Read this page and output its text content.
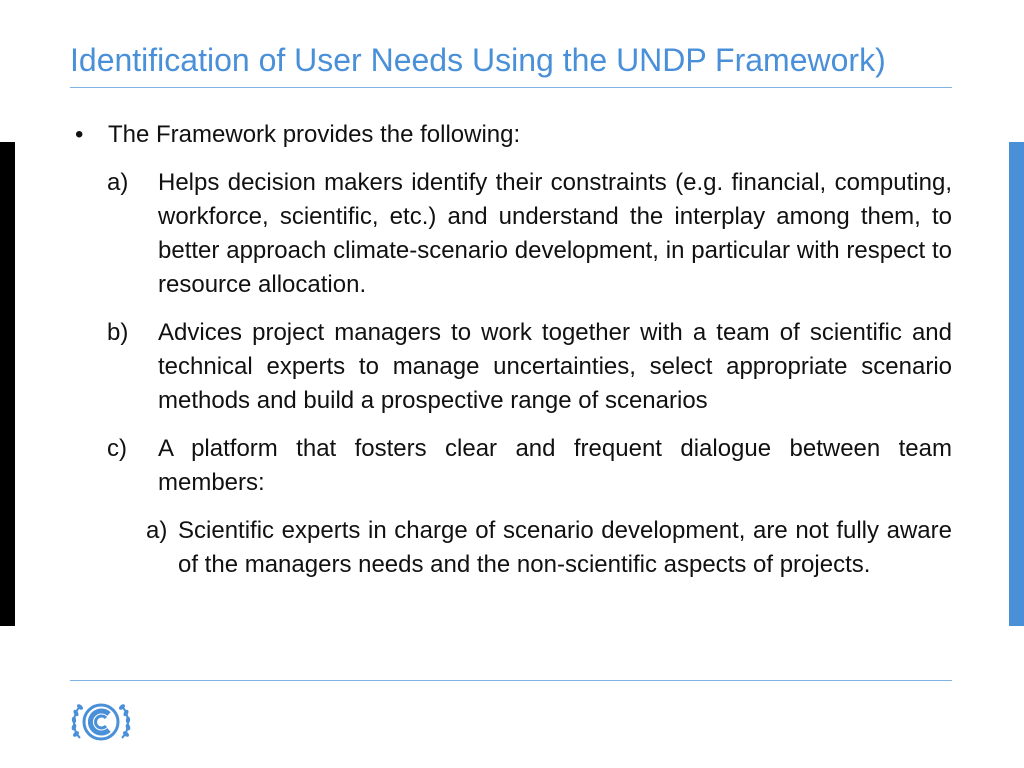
Identification of User Needs Using the UNDP Framework)
• The Framework provides the following:
a) Helps decision makers identify their constraints (e.g. financial, computing, workforce, scientific, etc.) and understand the interplay among them, to better approach climate-scenario development, in particular with respect to resource allocation.
b) Advices project managers to work together with a team of scientific and technical experts to manage uncertainties, select appropriate scenario methods and build a prospective range of scenarios
c) A platform that fosters clear and frequent dialogue between team members:
a) Scientific experts in charge of scenario development, are not fully aware of the managers needs and the non-scientific aspects of projects.
